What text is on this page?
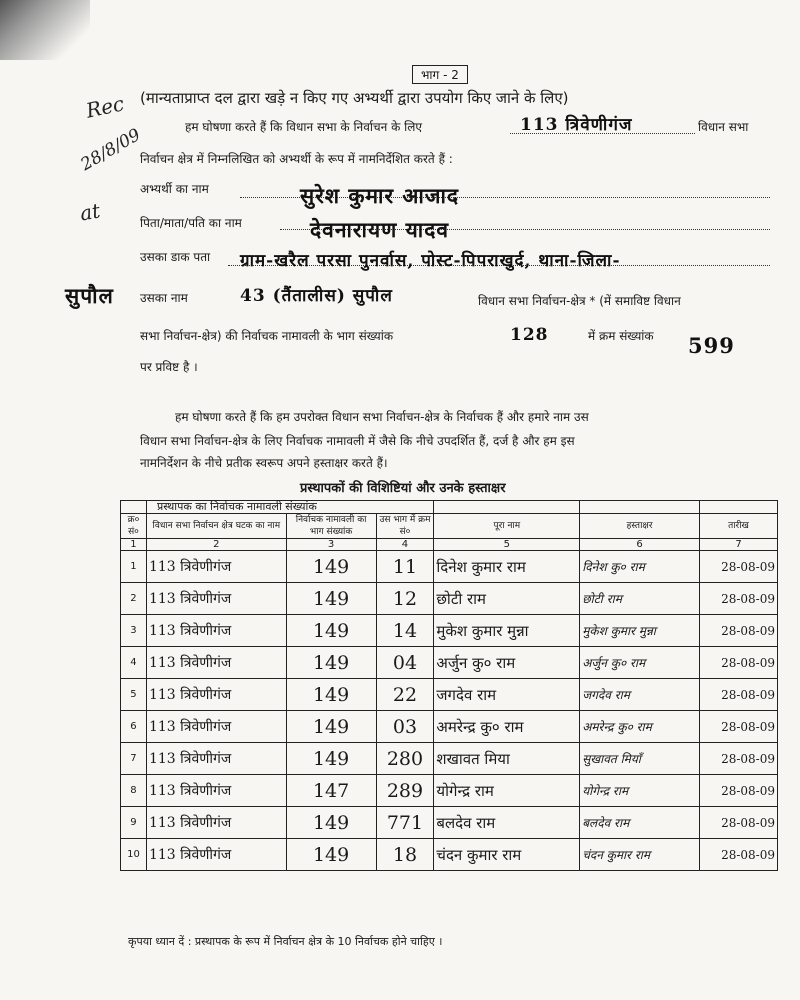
Rec
28/8/09
at
भाग - 2
(मान्यताप्राप्त दल द्वारा खड़े न किए गए अभ्यर्थी द्वारा उपयोग किए जाने के लिए)
हम घोषणा करते हैं कि विधान सभा के निर्वाचन के लिए	113 त्रिवेणीगंज	विधान सभा
निर्वाचन क्षेत्र में निम्नलिखित को अभ्यर्थी के रूप में नामनिर्देशित करते हैं :
अभ्यर्थी का नाम	सुरेश कुमार आजाद
पिता/माता/पति का नाम	देवनारायण यादव
उसका डाक पता ग्राम-खरैल परसा पुनर्वास, पोस्ट-पिपराखुर्द, थाना-जिला-
सुपौल उसका नाम	43 (तैंतालीस) सुपौल	विधान सभा निर्वाचन-क्षेत्र * (में समाविष्ट विधान
सभा निर्वाचन-क्षेत्र) की निर्वाचक नामावली के भाग संख्यांक	128	में क्रम संख्यांक 599
पर प्रविष्ट है ।
हम घोषणा करते हैं कि हम उपरोक्त विधान सभा निर्वाचन-क्षेत्र के निर्वाचक हैं और हमारे नाम उस
विधान सभा निर्वाचन-क्षेत्र के लिए निर्वाचक नामावली में जैसे कि नीचे उपदर्शित हैं, दर्ज है और हम इस
नामनिर्देशन के नीचे प्रतीक स्वरूप अपने हस्ताक्षर करते हैं।
प्रस्थापकों की विशिष्टियां और उनके हस्ताक्षर
	प्रस्थापक का निर्वाचक नामावली संख्यांक					
क्र० सं०	विधान सभा निर्वाचन क्षेत्र घटक का नाम	निर्वाचक नामावली का भाग संख्यांक	उस भाग में क्रम सं०	पूरा नाम	हस्ताक्षर	तारीख
1	2	3	4	5	6	7
1	113 त्रिवेणीगंज	149	11	दिनेश कुमार राम	दिनेश कु० राम	28-08-09
2	113 त्रिवेणीगंज	149	12	छोटी राम	छोटी राम	28-08-09
3	113 त्रिवेणीगंज	149	14	मुकेश कुमार मुन्ना	मुकेश कुमार मुन्ना	28-08-09
4	113 त्रिवेणीगंज	149	04	अर्जुन कु० राम	अर्जुन कु० राम	28-08-09
5	113 त्रिवेणीगंज	149	22	जगदेव राम	जगदेव राम	28-08-09
6	113 त्रिवेणीगंज	149	03	अमरेन्द्र कु० राम	अमरेन्द्र कु० राम	28-08-09
7	113 त्रिवेणीगंज	149	280	शखावत मिया	सुखावत मियाँ	28-08-09
8	113 त्रिवेणीगंज	147	289	योगेन्द्र राम	योगेन्द्र राम	28-08-09
9	113 त्रिवेणीगंज	149	771	बलदेव राम	बलदेव राम	28-08-09
10	113 त्रिवेणीगंज	149	18	चंदन कुमार राम	चंदन कुमार राम	28-08-09
कृपया ध्यान दें : प्रस्थापक के रूप में निर्वाचन क्षेत्र के 10 निर्वाचक होने चाहिए ।
